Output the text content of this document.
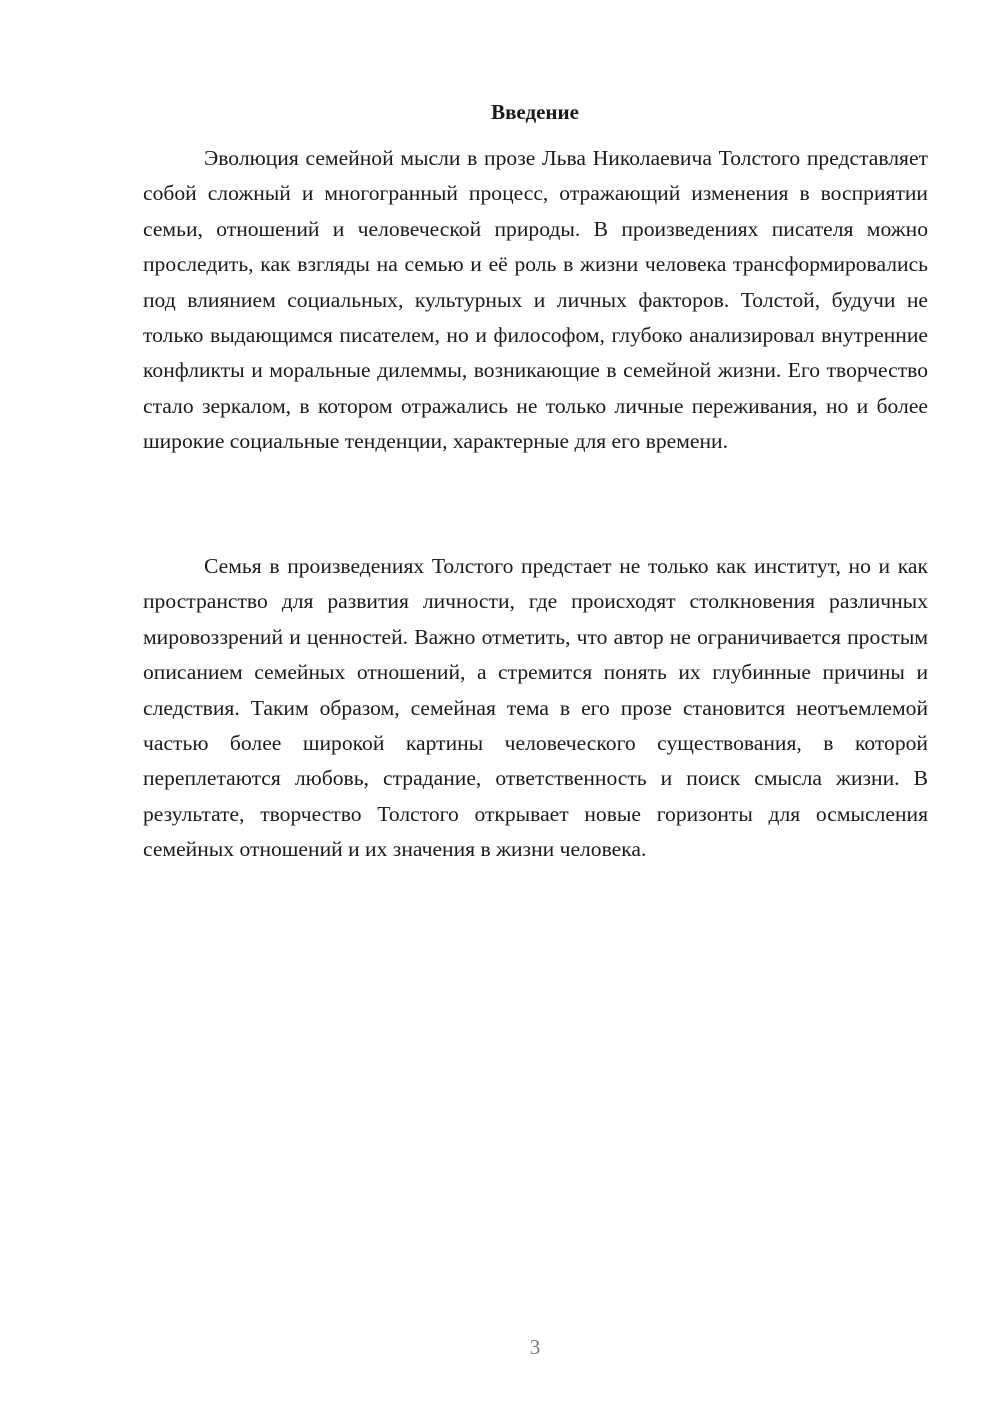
Введение

Эволюция семейной мысли в прозе Льва Николаевича Толстого представляет собой сложный и многогранный процесс, отражающий изменения в восприятии семьи, отношений и человеческой природы. В произведениях писателя можно проследить, как взгляды на семью и её роль в жизни человека трансформировались под влиянием социальных, культурных и личных факторов. Толстой, будучи не только выдающимся писателем, но и философом, глубоко анализировал внутренние конфликты и моральные дилеммы, возникающие в семейной жизни. Его творчество стало зеркалом, в котором отражались не только личные переживания, но и более широкие социальные тенденции, характерные для его времени.

Семья в произведениях Толстого предстает не только как институт, но и как пространство для развития личности, где происходят столкновения различных мировоззрений и ценностей. Важно отметить, что автор не ограничивается простым описанием семейных отношений, а стремится понять их глубинные причины и следствия. Таким образом, семейная тема в его прозе становится неотъемлемой частью более широкой картины человеческого существования, в которой переплетаются любовь, страдание, ответственность и поиск смысла жизни. В результате, творчество Толстого открывает новые горизонты для осмысления семейных отношений и их значения в жизни человека.

3
